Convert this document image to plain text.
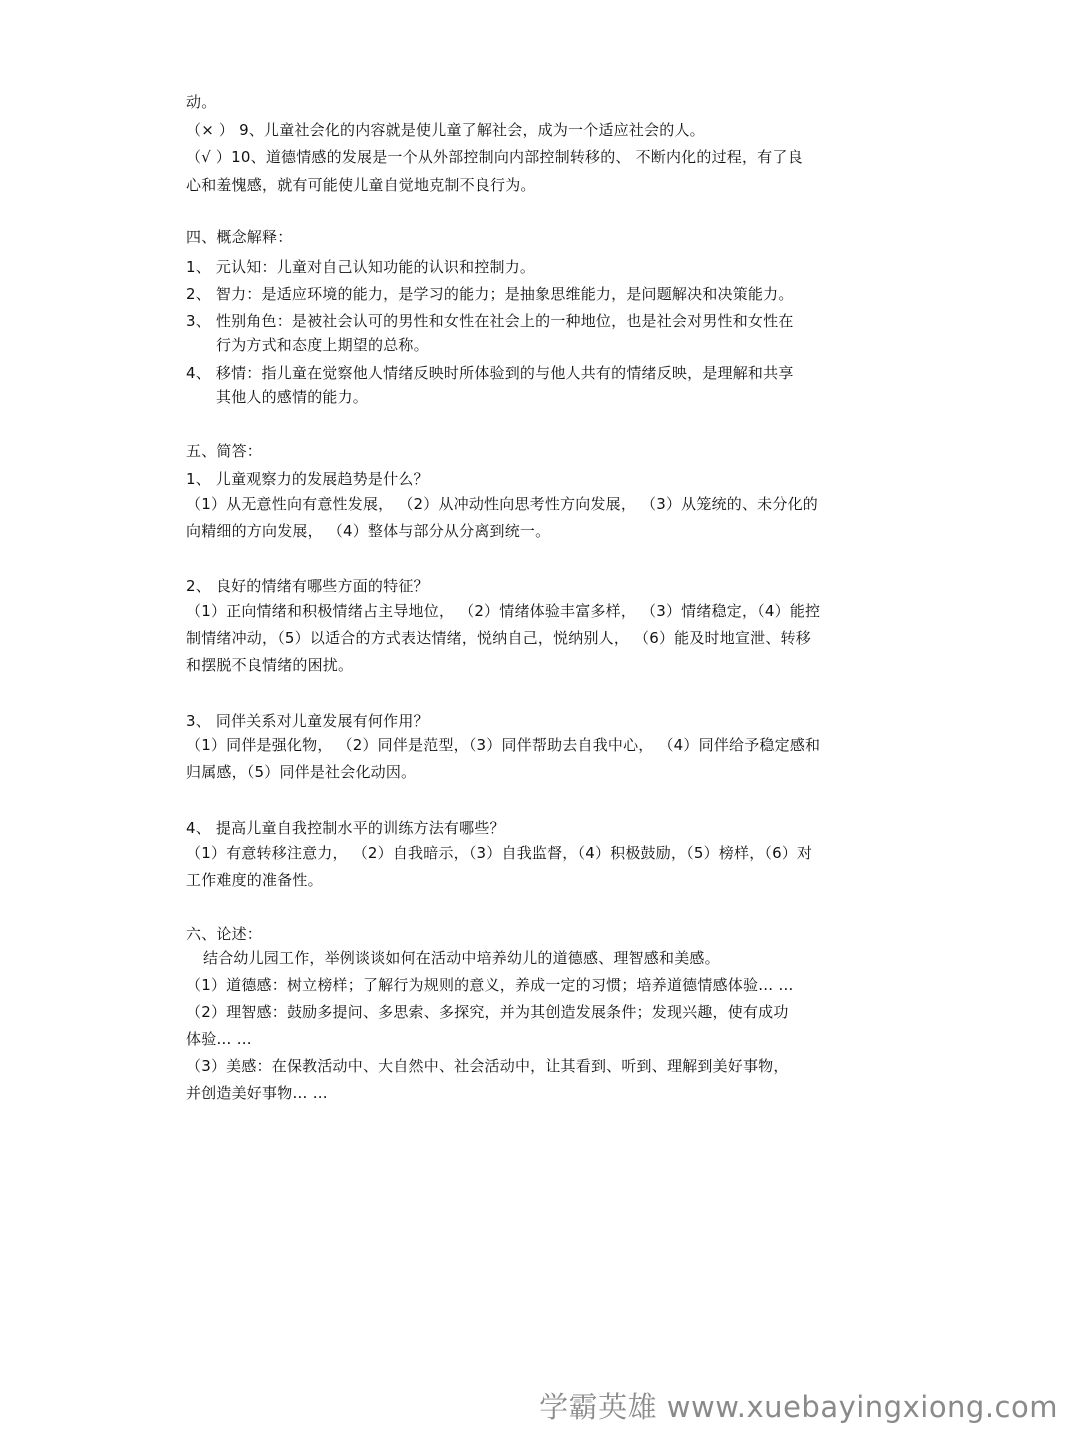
动。
（× ） 9、儿童社会化的内容就是使儿童了解社会，成为一个适应社会的人。
（√ ）10、道德情感的发展是一个从外部控制向内部控制转移的、 不断内化的过程，有了良
心和羞愧感，就有可能使儿童自觉地克制不良行为。
四、概念解释：
1、 元认知：儿童对自己认知功能的认识和控制力。
2、 智力：是适应环境的能力，是学习的能力；是抽象思维能力，是问题解决和决策能力。
3、 性别角色：是被社会认可的男性和女性在社会上的一种地位，也是社会对男性和女性在
行为方式和态度上期望的总称。
4、 移情：指儿童在觉察他人情绪反映时所体验到的与他人共有的情绪反映，是理解和共享
其他人的感情的能力。
五、简答：
1、 儿童观察力的发展趋势是什么？
（1）从无意性向有意性发展， （2）从冲动性向思考性方向发展， （3）从笼统的、未分化的
向精细的方向发展， （4）整体与部分从分离到统一。
2、 良好的情绪有哪些方面的特征？
（1）正向情绪和积极情绪占主导地位， （2）情绪体验丰富多样， （3）情绪稳定，（4）能控
制情绪冲动，（5）以适合的方式表达情绪，悦纳自己，悦纳别人， （6）能及时地宣泄、转移
和摆脱不良情绪的困扰。
3、 同伴关系对儿童发展有何作用？
（1）同伴是强化物， （2）同伴是范型，（3）同伴帮助去自我中心， （4）同伴给予稳定感和
归属感，（5）同伴是社会化动因。
4、 提高儿童自我控制水平的训练方法有哪些？
（1）有意转移注意力， （2）自我暗示，（3）自我监督，（4）积极鼓励，（5）榜样，（6）对
工作难度的准备性。
六、论述：
结合幼儿园工作，举例谈谈如何在活动中培养幼儿的道德感、理智感和美感。
（1）道德感：树立榜样；了解行为规则的意义，养成一定的习惯；培养道德情感体验… …
（2）理智感：鼓励多提问、多思索、多探究，并为其创造发展条件；发现兴趣，使有成功
体验… …
（3）美感：在保教活动中、大自然中、社会活动中，让其看到、听到、理解到美好事物，
并创造美好事物… …
学霸英雄 www.xuebayingxiong.com
